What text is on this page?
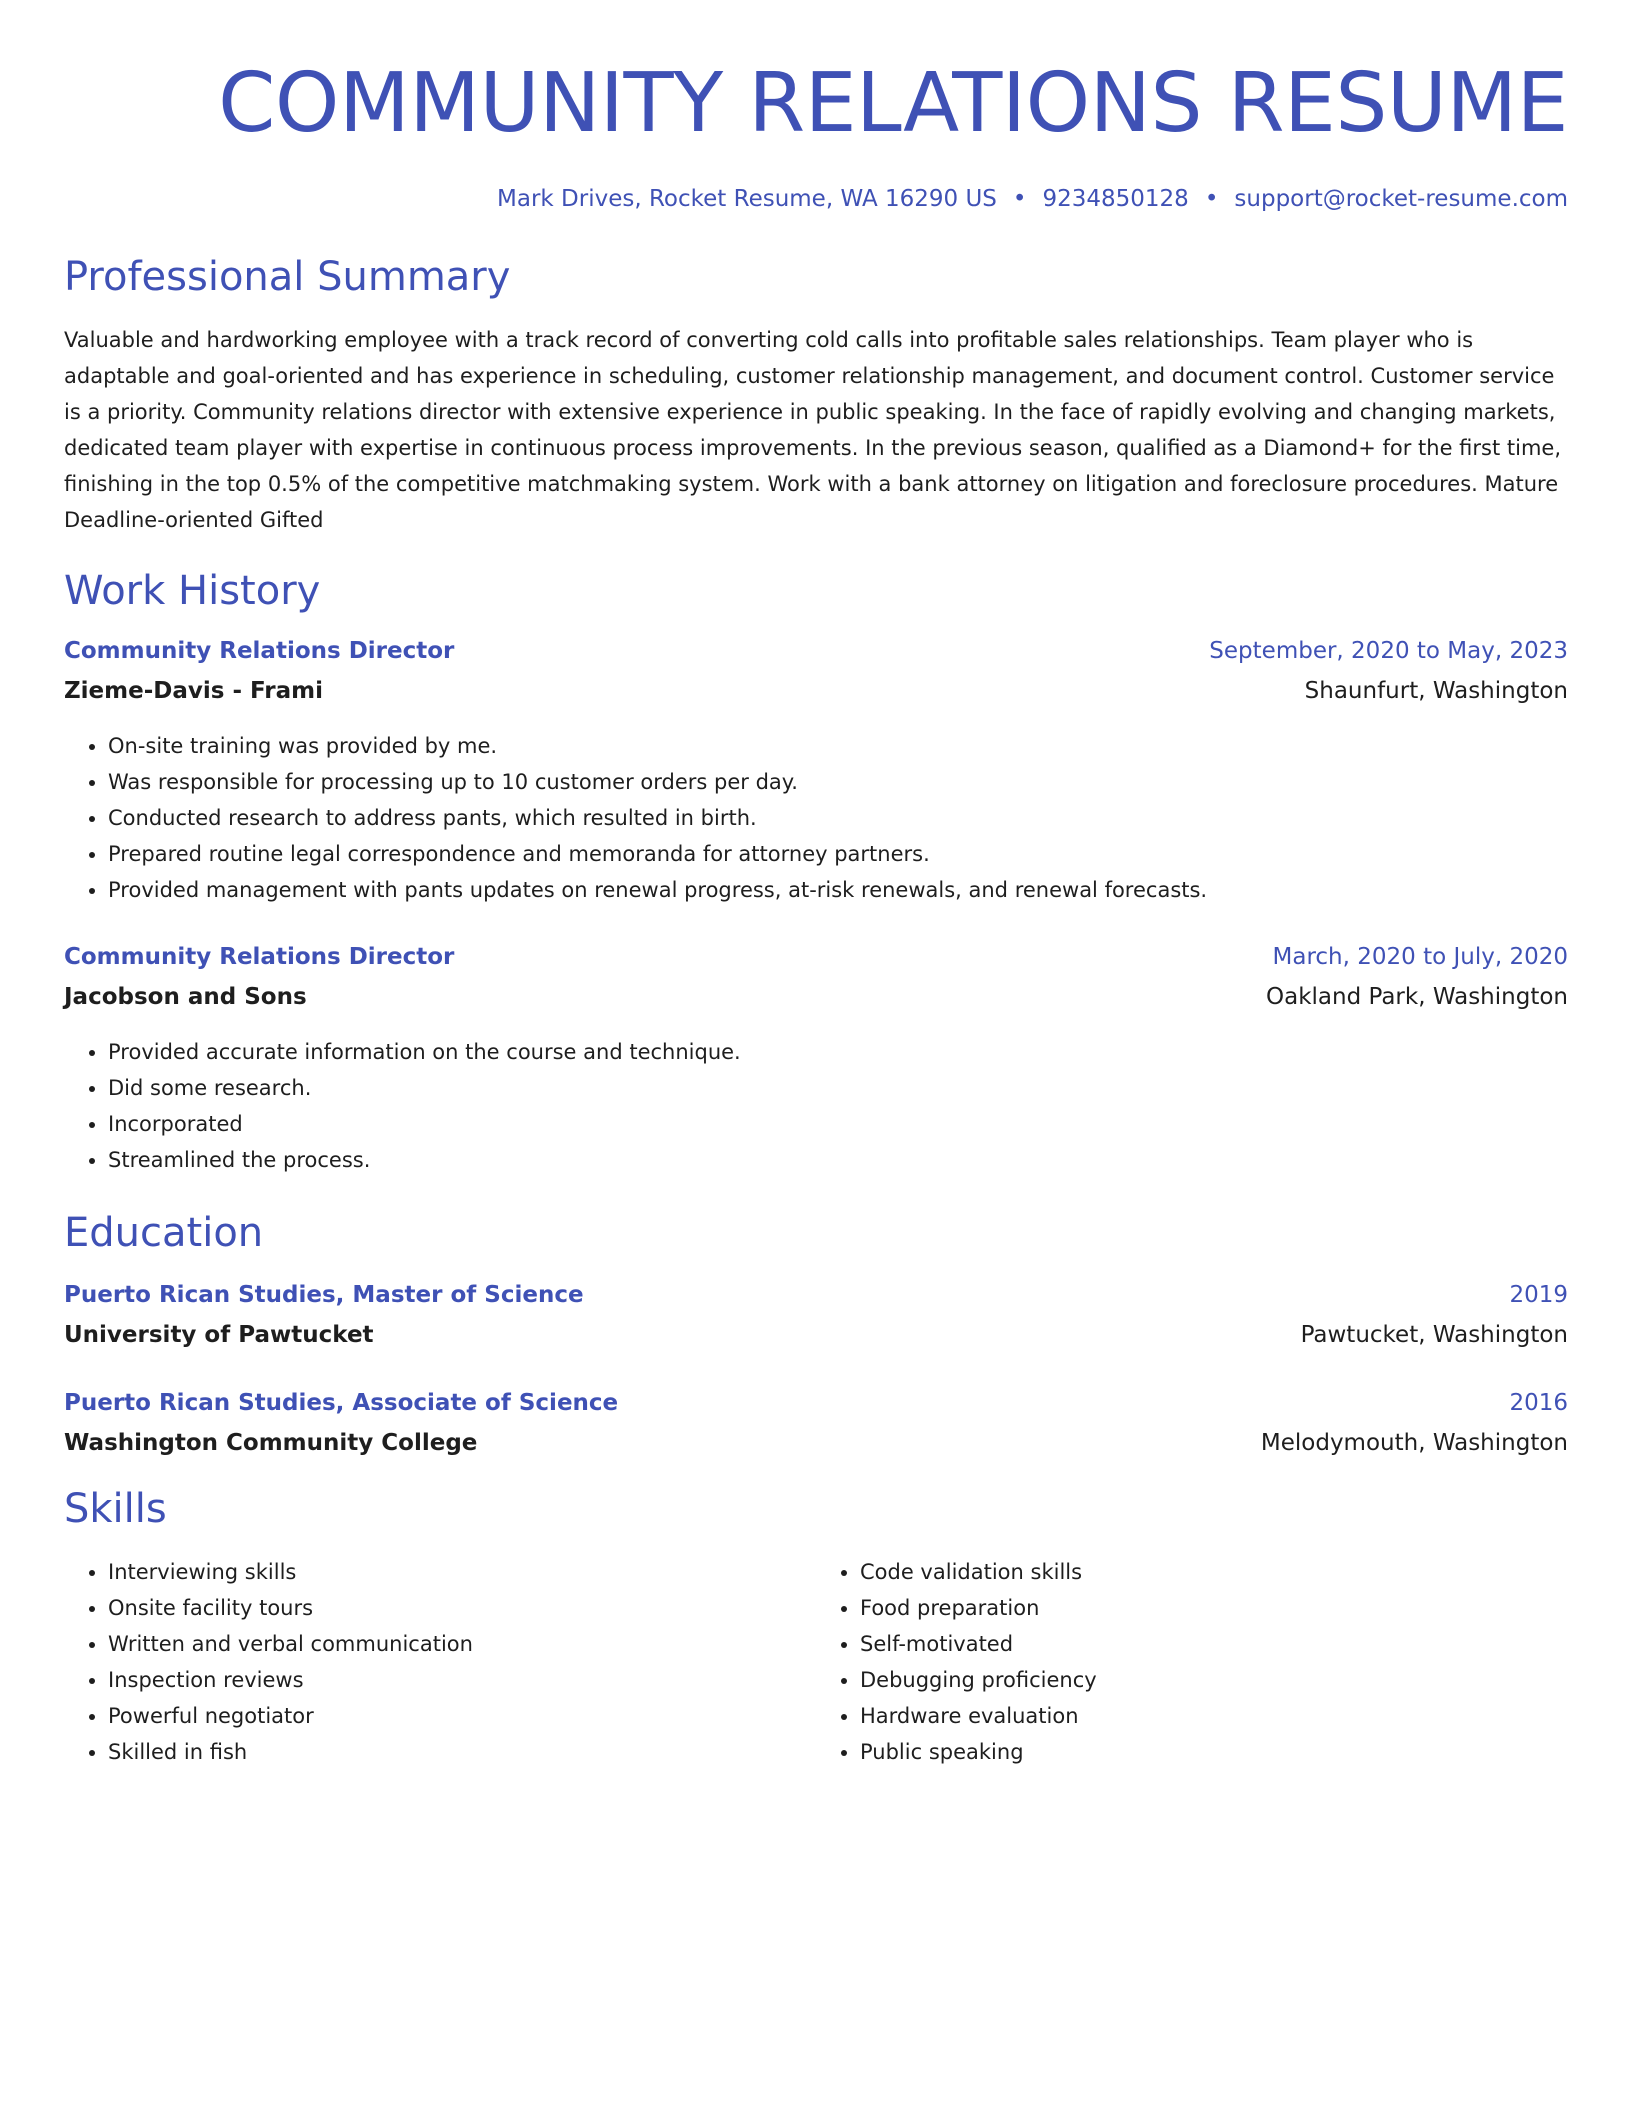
COMMUNITY RELATIONS RESUME
Mark Drives, Rocket Resume, WA 16290 US • 9234850128 • support@rocket-resume.com
Professional Summary

Valuable and hardworking employee with a track record of converting cold calls into profitable sales relationships. Team player who is adaptable and goal-oriented and has experience in scheduling, customer relationship management, and document control. Customer service is a priority. Community relations director with extensive experience in public speaking. In the face of rapidly evolving and changing markets, dedicated team player with expertise in continuous process improvements. In the previous season, qualified as a Diamond+ for the first time, finishing in the top 0.5% of the competitive matchmaking system. Work with a bank attorney on litigation and foreclosure procedures. Mature Deadline-oriented Gifted

Work History
Community Relations Director	September, 2020 to May, 2023
Zieme-Davis - Frami	Shaunfurt, Washington
• On-site training was provided by me.
• Was responsible for processing up to 10 customer orders per day.
• Conducted research to address pants, which resulted in birth.
• Prepared routine legal correspondence and memoranda for attorney partners.
• Provided management with pants updates on renewal progress, at-risk renewals, and renewal forecasts.
Community Relations Director	March, 2020 to July, 2020
Jacobson and Sons	Oakland Park, Washington
• Provided accurate information on the course and technique.
• Did some research.
• Incorporated
• Streamlined the process.
Education
Puerto Rican Studies, Master of Science	2019
University of Pawtucket	Pawtucket, Washington
Puerto Rican Studies, Associate of Science	2016
Washington Community College	Melodymouth, Washington
Skills
• Interviewing skills
• Onsite facility tours
• Written and verbal communication
• Inspection reviews
• Powerful negotiator
• Skilled in fish
• Code validation skills
• Food preparation
• Self-motivated
• Debugging proficiency
• Hardware evaluation
• Public speaking
